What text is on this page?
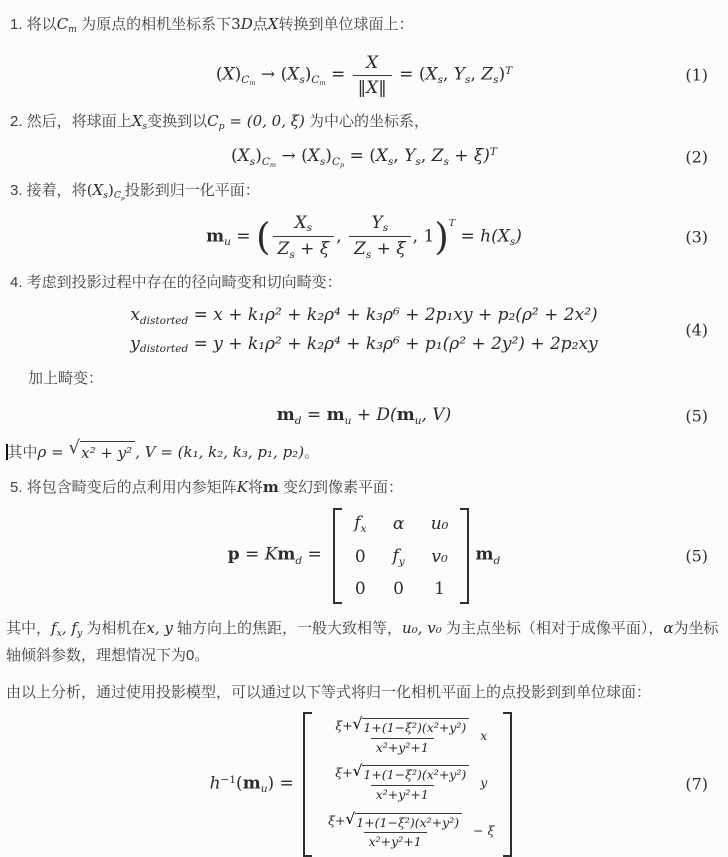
1. 将以$C_m$ 为原点的相机坐标系下3D点X转换到单位球面上：
$(X)_{C_m} \to (X_s)_{C_m} = \frac{X}{‖X‖} = (X_s$, $Y_s$, $Z_s)^T$	(1)
2. 然后，将球面上$X_s$变换到以$C_p = (0$, 0, ξ) 为中心的坐标系，
$(X_s)_{C_m} \to (X_s)_{C_p} = (X_s$, $Y_s$, $Z_s + \xi)^T$	(2)
3. 接着，将$(X_s)_{C_p}$投影到归一化平面：
$m_u$ = ( $\frac{X_s}{Z_s + \xi}$ , $\frac{Y_s}{Z_s + \xi}$ , $1)^T = h(X_s)$	(3)
4. 考虑到投影过程中存在的径向畸变和切向畸变：
$x_{distorted} = x + k_1\rho^2 + k_2\rho^4 + k_3\rho^6 + 2p_1xy + p_2(\rho^2 + 2x^2)$
$y_{distorted} = y + k_1\rho^2 + k_2\rho^4 + k_3\rho^6 + p_1(\rho^2 + 2y^2) + 2p_2xy$
(4)
加上畸变：
$m_d = m_u + D(m_u$, V)	(5)
其中ρ = √ x² + y² , V = (k₁, k₂, k₃, p₁, p₂)。
5. 将包含畸变后的点利用内参矩阵K将m 变幻到像素平面：
$p = Km_d$ =
$f_x$ α u₀
0 $f_y$ v₀
0 0 1
$m_d$	(5)
其中，$f_x$, $f_y$ 为相机在x, y 轴方向上的焦距，一般大致相等，u₀, v₀ 为主点坐标（相对于成像平面），α为坐标轴倾斜参数，理想情况下为0。
由以上分析，通过使用投影模型，可以通过以下等式将归一化相机平面上的点投影到到单位球面：
$h^{-1}(m_u)$ =
$\frac{\text{ξ+ √ 1+(1−ξ²)(x²+y²)}}{\text{x²+y²+1}}$ x
$\frac{\text{ξ+ √ 1+(1−ξ²)(x²+y²)}}{\text{x²+y²+1}}$ y
$\frac{\text{ξ+ √ 1+(1−ξ²)(x²+y²)}}{\text{x²+y²+1}} - \xi$
(7)
